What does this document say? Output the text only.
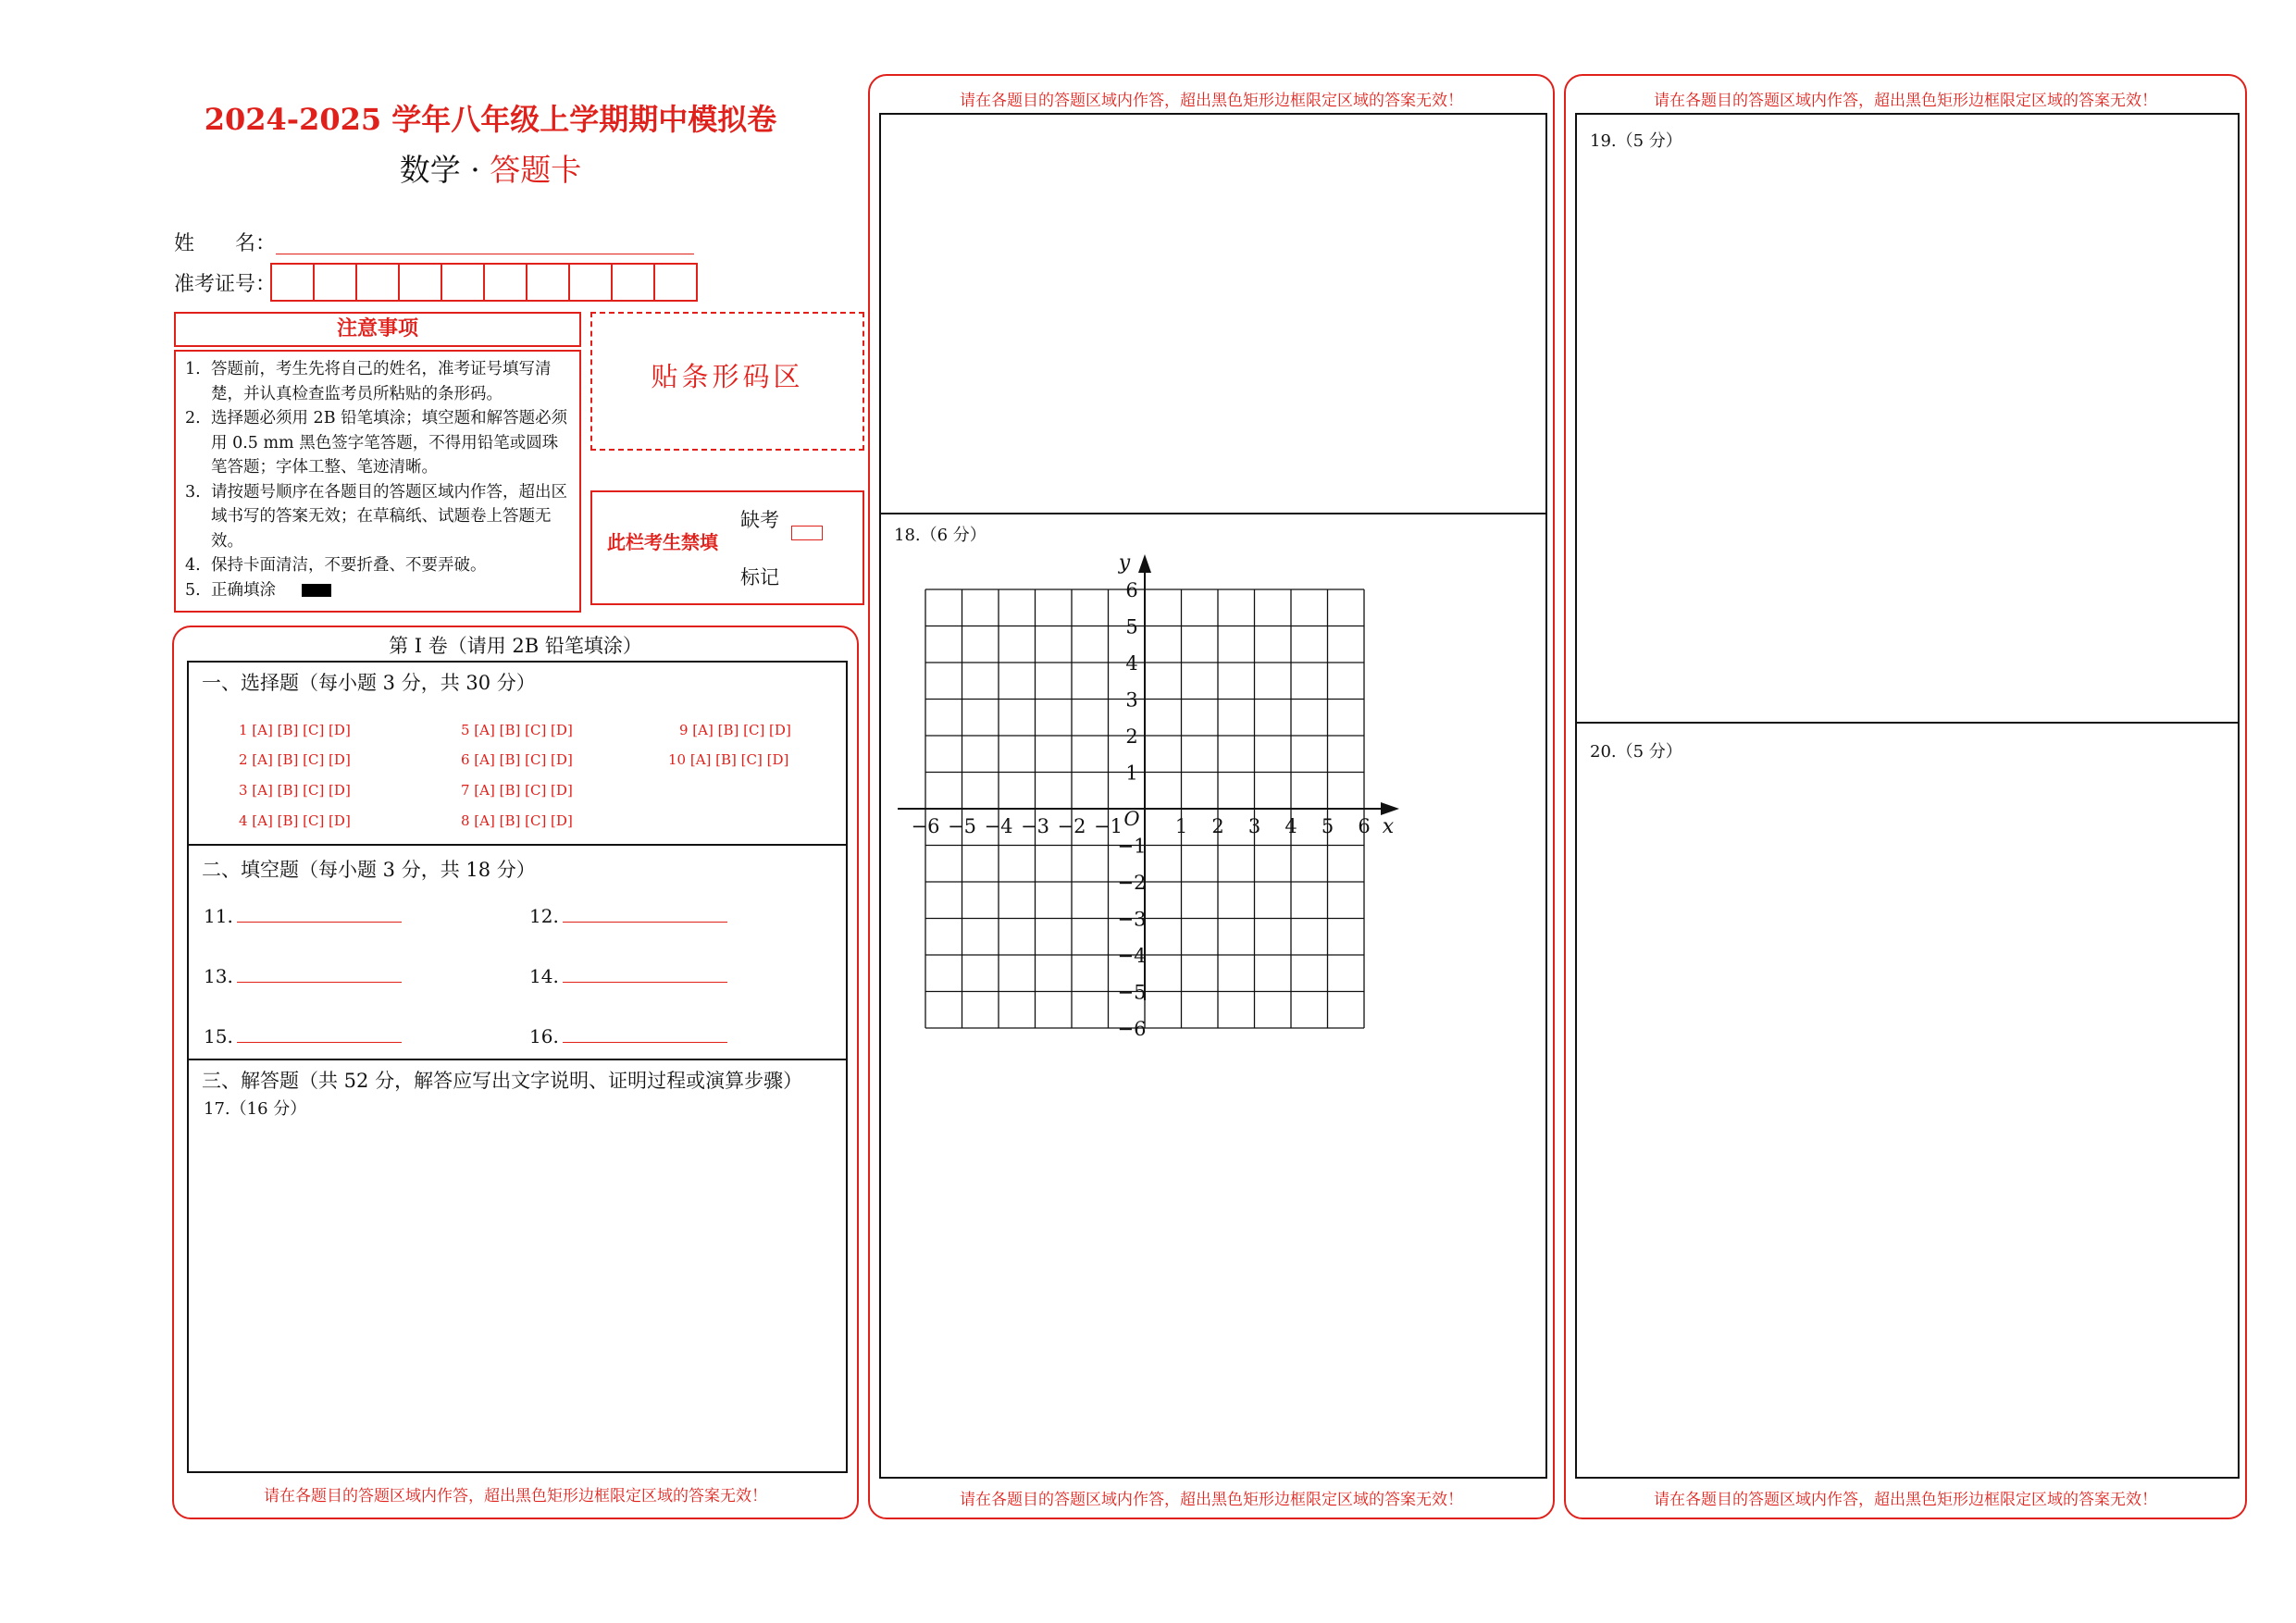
2024-2025 学年八年级上学期期中模拟卷
数学 · 答题卡
姓　　名：
准考证号：
注意事项
1. 答题前，考生先将自己的姓名，准考证号填写清楚，并认真检查监考员所粘贴的条形码。
2. 选择题必须用 2B 铅笔填涂；填空题和解答题必须用 0.5 mm 黑色签字笔答题，不得用铅笔或圆珠笔答题；字体工整、笔迹清晰。
3. 请按题号顺序在各题目的答题区域内作答，超出区域书写的答案无效；在草稿纸、试题卷上答题无效。
4. 保持卡面清洁，不要折叠、不要弄破。
5. 正确填涂
贴条形码区
此栏考生禁填
缺考
标记
第 Ⅰ 卷（请用 2B 铅笔填涂）
一、选择题（每小题 3 分，共 30 分）
1 [A] [B] [C] [D]
2 [A] [B] [C] [D]
3 [A] [B] [C] [D]
4 [A] [B] [C] [D]
5 [A] [B] [C] [D]
6 [A] [B] [C] [D]
7 [A] [B] [C] [D]
8 [A] [B] [C] [D]
9 [A] [B] [C] [D]
10 [A] [B] [C] [D]
二、填空题（每小题 3 分，共 18 分）
11.	12.
13.	14.
15.	16.
三、解答题（共 52 分，解答应写出文字说明、证明过程或演算步骤）
17.（16 分）
请在各题目的答题区域内作答，超出黑色矩形边框限定区域的答案无效！
请在各题目的答题区域内作答，超出黑色矩形边框限定区域的答案无效！
18.（6 分）
−6 −5 −4 −3 −2 −1	1 2 3 4 5 6
6
5
4
3
2
1
−1
−2
−3
−4
−5
−6
O	x
y
请在各题目的答题区域内作答，超出黑色矩形边框限定区域的答案无效！
请在各题目的答题区域内作答，超出黑色矩形边框限定区域的答案无效！
19.（5 分）
20.（5 分）
请在各题目的答题区域内作答，超出黑色矩形边框限定区域的答案无效！
